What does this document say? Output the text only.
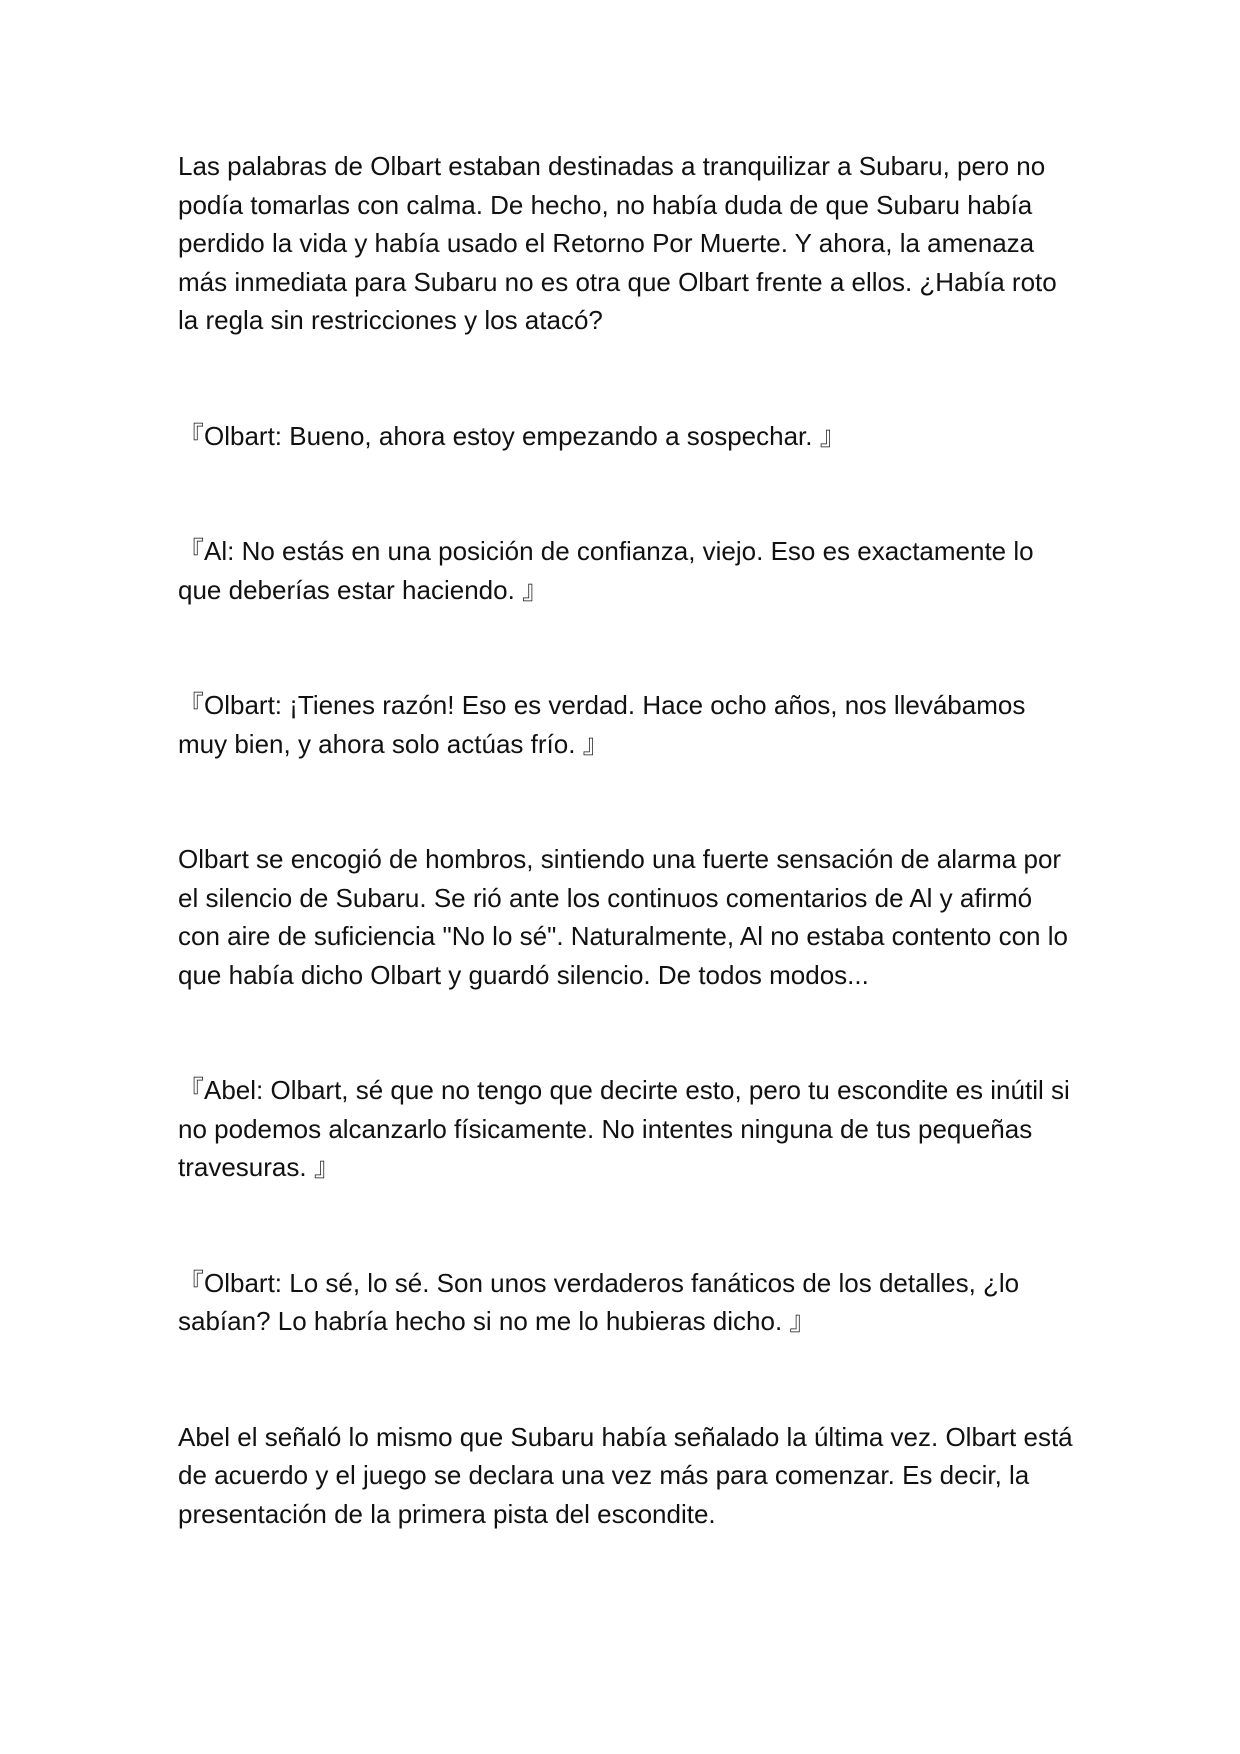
Las palabras de Olbart estaban destinadas a tranquilizar a Subaru, pero no podía tomarlas con calma. De hecho, no había duda de que Subaru había perdido la vida y había usado el Retorno Por Muerte. Y ahora, la amenaza más inmediata para Subaru no es otra que Olbart frente a ellos. ¿Había roto la regla sin restricciones y los atacó?

『Olbart: Bueno, ahora estoy empezando a sospechar. 』

『Al: No estás en una posición de confianza, viejo. Eso es exactamente lo que deberías estar haciendo. 』

『Olbart: ¡Tienes razón! Eso es verdad. Hace ocho años, nos llevábamos muy bien, y ahora solo actúas frío. 』

Olbart se encogió de hombros, sintiendo una fuerte sensación de alarma por el silencio de Subaru. Se rió ante los continuos comentarios de Al y afirmó con aire de suficiencia "No lo sé". Naturalmente, Al no estaba contento con lo que había dicho Olbart y guardó silencio. De todos modos...

『Abel: Olbart, sé que no tengo que decirte esto, pero tu escondite es inútil si no podemos alcanzarlo físicamente. No intentes ninguna de tus pequeñas travesuras. 』

『Olbart: Lo sé, lo sé. Son unos verdaderos fanáticos de los detalles, ¿lo sabían? Lo habría hecho si no me lo hubieras dicho. 』

Abel el señaló lo mismo que Subaru había señalado la última vez. Olbart está de acuerdo y el juego se declara una vez más para comenzar. Es decir, la presentación de la primera pista del escondite.
